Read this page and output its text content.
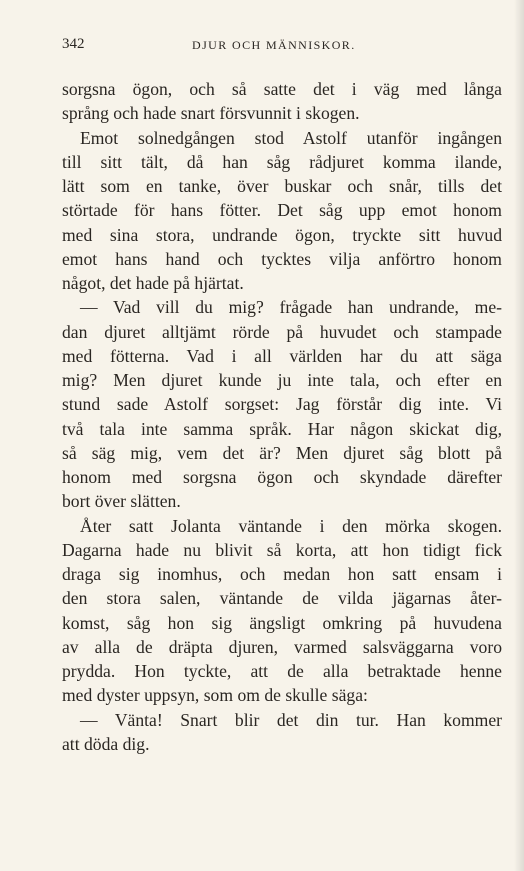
342	DJUR OCH MÄNNISKOR.
sorgsna ögon, och så satte det i väg med långa
språng och hade snart försvunnit i skogen.
Emot solnedgången stod Astolf utanför ingången
till sitt tält, då han såg rådjuret komma ilande,
lätt som en tanke, över buskar och snår, tills det
störtade för hans fötter. Det såg upp emot honom
med sina stora, undrande ögon, tryckte sitt huvud
emot hans hand och tycktes vilja anförtro honom
något, det hade på hjärtat.
— Vad vill du mig? frågade han undrande, me-
dan djuret alltjämt rörde på huvudet och stampade
med fötterna. Vad i all världen har du att säga
mig? Men djuret kunde ju inte tala, och efter en
stund sade Astolf sorgset: Jag förstår dig inte. Vi
två tala inte samma språk. Har någon skickat dig,
så säg mig, vem det är? Men djuret såg blott på
honom med sorgsna ögon och skyndade därefter
bort över slätten.
Åter satt Jolanta väntande i den mörka skogen.
Dagarna hade nu blivit så korta, att hon tidigt fick
draga sig inomhus, och medan hon satt ensam i
den stora salen, väntande de vilda jägarnas åter-
komst, såg hon sig ängsligt omkring på huvudena
av alla de dräpta djuren, varmed salsväggarna voro
prydda. Hon tyckte, att de alla betraktade henne
med dyster uppsyn, som om de skulle säga:
— Vänta! Snart blir det din tur. Han kommer
att döda dig.
